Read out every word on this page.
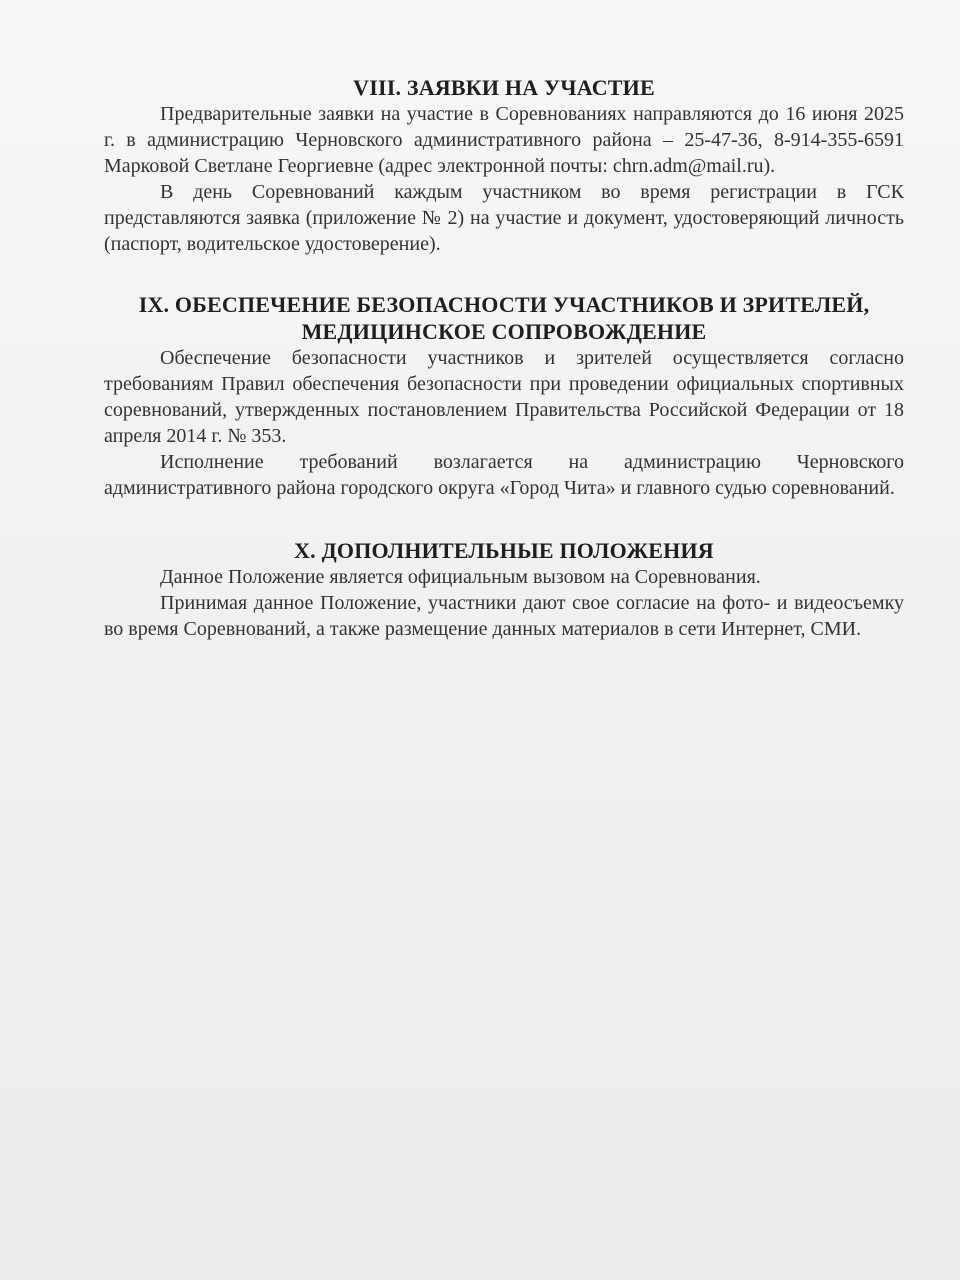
VIII. ЗАЯВКИ НА УЧАСТИЕ

Предварительные заявки на участие в Соревнованиях направляются до 16 июня 2025 г. в администрацию Черновского административного района – 25-47-36, 8-914-355-6591 Марковой Светлане Георгиевне (адрес электронной почты: chrn.adm@mail.ru).

В день Соревнований каждым участником во время регистрации в ГСК представляются заявка (приложение № 2) на участие и документ, удостоверяющий личность (паспорт, водительское удостоверение).

IX. ОБЕСПЕЧЕНИЕ БЕЗОПАСНОСТИ УЧАСТНИКОВ И ЗРИТЕЛЕЙ,
МЕДИЦИНСКОЕ СОПРОВОЖДЕНИЕ

Обеспечение безопасности участников и зрителей осуществляется согласно требованиям Правил обеспечения безопасности при проведении официальных спортивных соревнований, утвержденных постановлением Правительства Российской Федерации от 18 апреля 2014 г. № 353.

Исполнение требований возлагается на администрацию Черновского административного района городского округа «Город Чита» и главного судью соревнований.

X. ДОПОЛНИТЕЛЬНЫЕ ПОЛОЖЕНИЯ

Данное Положение является официальным вызовом на Соревнования.

Принимая данное Положение, участники дают свое согласие на фото- и видеосъемку во время Соревнований, а также размещение данных материалов в сети Интернет, СМИ.
